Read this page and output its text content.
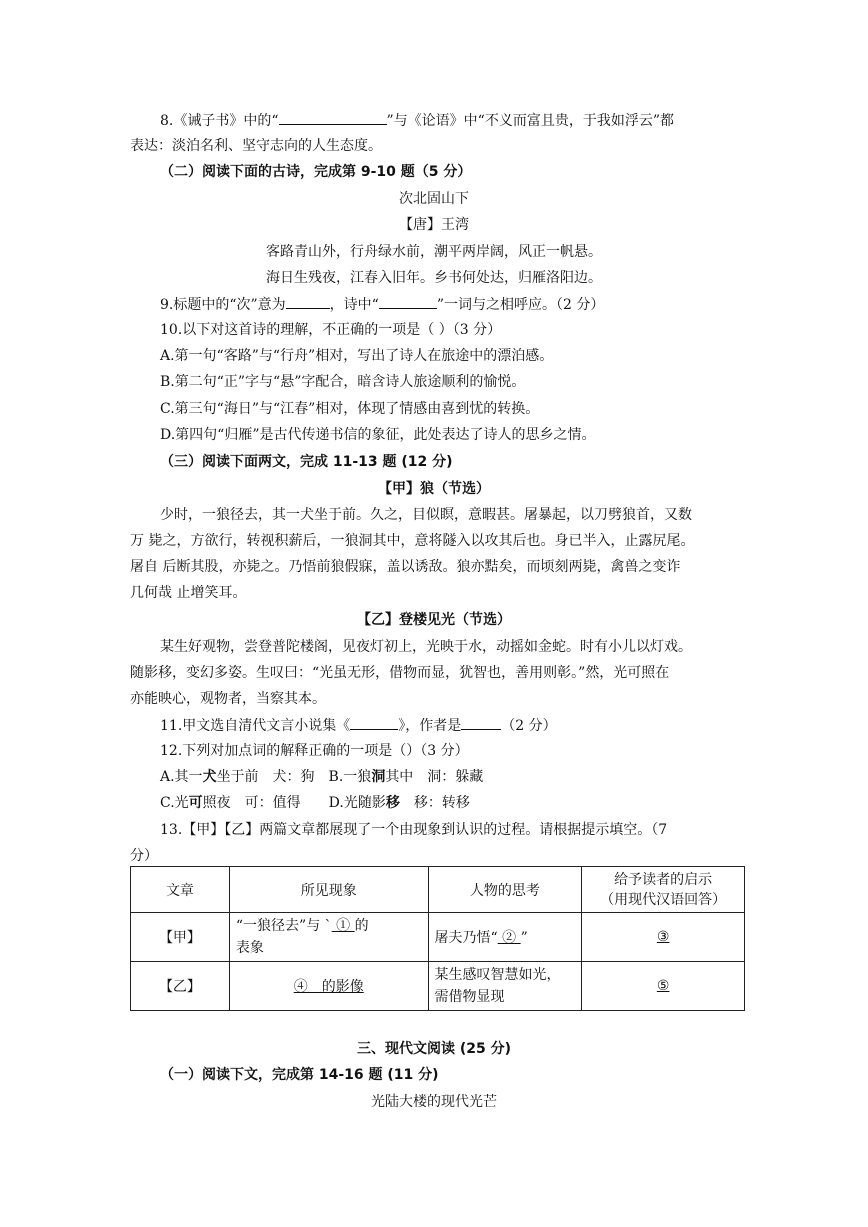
8.《诫子书》中的“	”与《论语》中“不义而富且贵，于我如浮云”都
表达：淡泊名利、坚守志向的人生态度。
（二）阅读下面的古诗，完成第 9-10 题（5 分）
次北固山下
【唐】王湾
客路青山外，行舟绿水前，潮平两岸阔，风正一帆悬。
海日生残夜，江春入旧年。乡书何处达，归雁洛阳边。
9.标题中的“次”意为	，诗中“	”一词与之相呼应。（2 分）
10.以下对这首诗的理解，不正确的一项是（ ）（3 分）
A.第一句“客路”与“行舟”相对，写出了诗人在旅途中的漂泊感。
B.第二句“正”字与“悬”字配合，暗含诗人旅途顺利的愉悦。
C.第三句“海日”与“江春”相对，体现了情感由喜到忧的转换。
D.第四句“归雁”是古代传递书信的象征，此处表达了诗人的思乡之情。
（三）阅读下面两文，完成 11-13 题 (12 分)
【甲】狼（节选）
少时，一狼径去，其一犬坐于前。久之，目似瞑，意暇甚。屠暴起，以刀劈狼首，又数
万 毙之，方欲行，转视积薪后，一狼洞其中，意将隧入以攻其后也。身已半入，止露尻尾。
屠自 后断其股，亦毙之。乃悟前狼假寐，盖以诱敌。狼亦黠矣，而顷刻两毙，禽兽之变诈
几何哉 止增笑耳。
【乙】登楼见光（节选）
某生好观物，尝登普陀楼阁，见夜灯初上，光映于水，动摇如金蛇。时有小儿以灯戏。
随影移，变幻多姿。生叹曰：“光虽无形，借物而显，犹智也，善用则彰。”然，光可照在
亦能映心，观物者，当察其本。
11.甲文选自清代文言小说集《	》，作者是	（2 分）
12.下列对加点词的解释正确的一项是（）（3 分）
A.其一犬坐于前　犬：狗　B.一狼洞其中　洞：躲藏
C.光可照夜　可：值得　　D.光随影移　移：转移
13.【甲】【乙】两篇文章都展现了一个由现象到认识的过程。请根据提示填空。（7
分）
文章	所见现象	人物的思考	给予读者的启示
（用现代汉语回答）

【甲】	“一狼径去”与 ` ① 的
表象	屠夫乃悟“ ② ”	③
【乙】	④　的影像	某生感叹智慧如光，
需借物显现	⑤
三、现代文阅读 (25 分)
（一）阅读下文，完成第 14-16 题 (11 分)
光陆大楼的现代光芒
